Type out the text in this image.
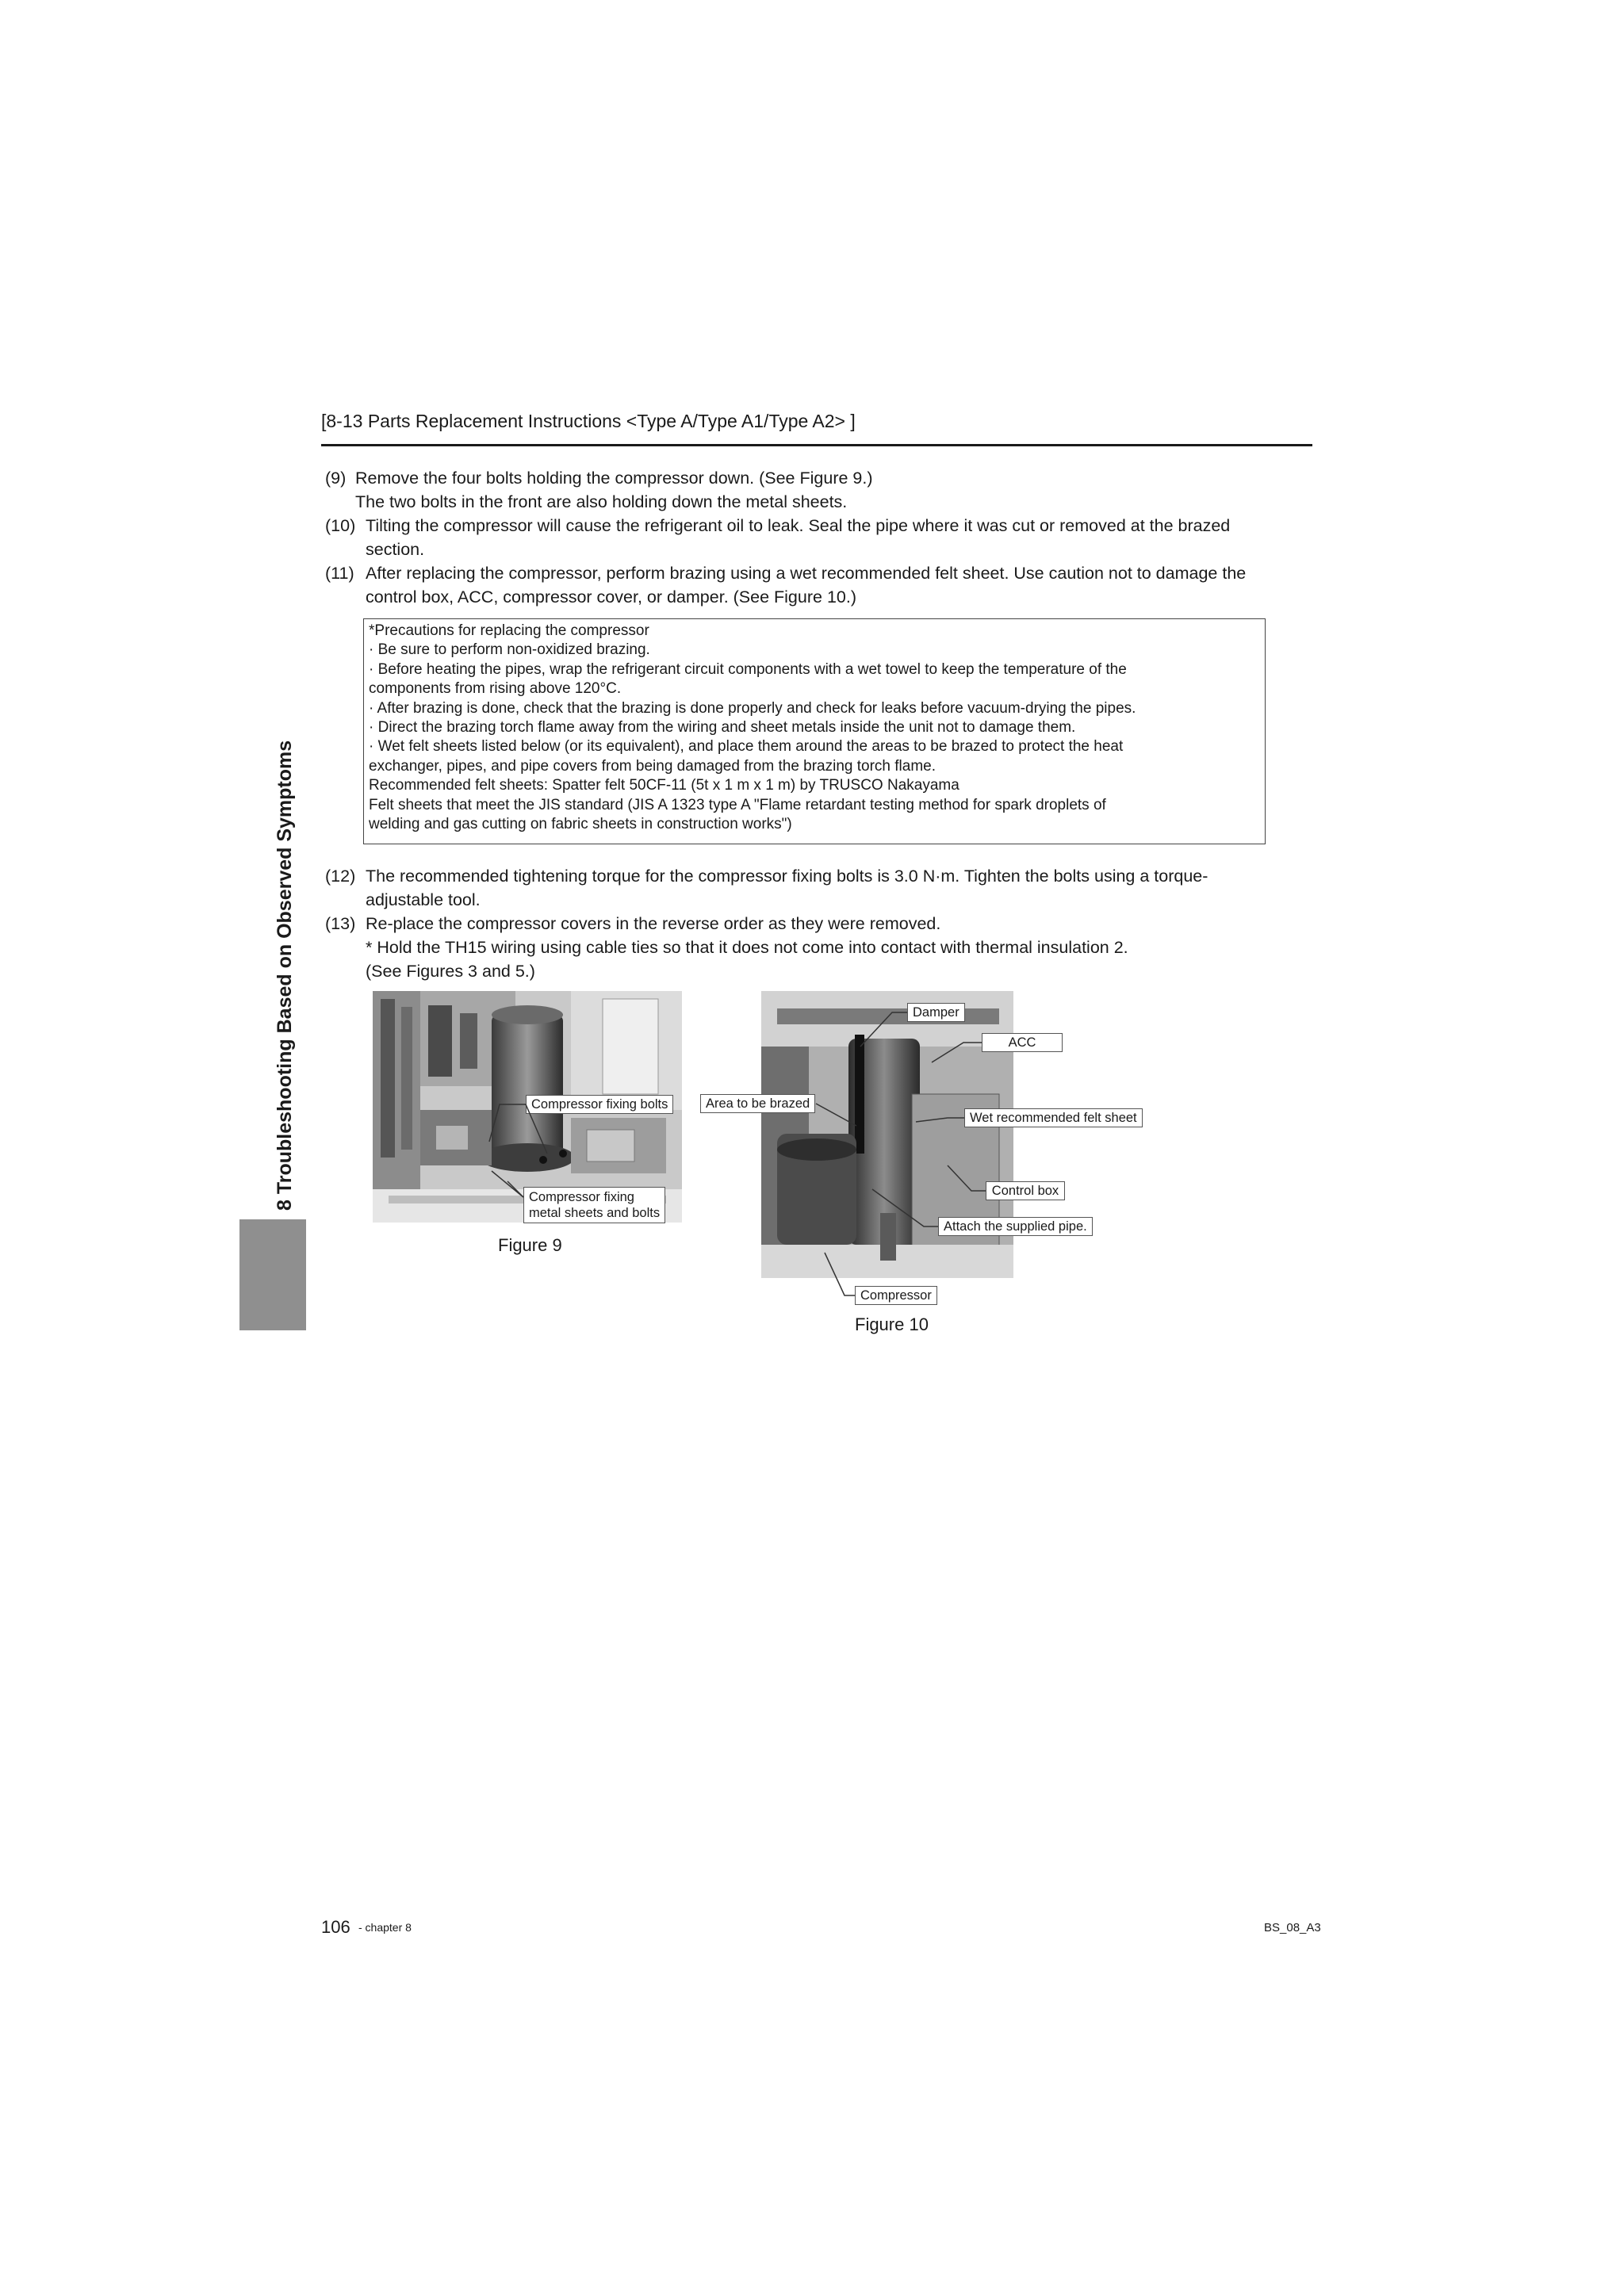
[8-13 Parts Replacement Instructions <Type A/Type A1/Type A2> ]
8 Troubleshooting Based on Observed Symptoms
(9) Remove the four bolts holding the compressor down. (See Figure 9.)
The two bolts in the front are also holding down the metal sheets.
(10) Tilting the compressor will cause the refrigerant oil to leak. Seal the pipe where it was cut or removed at the brazed
section.
(11) After replacing the compressor, perform brazing using a wet recommended felt sheet. Use caution not to damage the
control box, ACC, compressor cover, or damper. (See Figure 10.)
*Precautions for replacing the compressor
· Be sure to perform non-oxidized brazing.
· Before heating the pipes, wrap the refrigerant circuit components with a wet towel to keep the temperature of the
components from rising above 120°C.
· After brazing is done, check that the brazing is done properly and check for leaks before vacuum-drying the pipes.
· Direct the brazing torch flame away from the wiring and sheet metals inside the unit not to damage them.
· Wet felt sheets listed below (or its equivalent), and place them around the areas to be brazed to protect the heat
exchanger, pipes, and pipe covers from being damaged from the brazing torch flame.
Recommended felt sheets: Spatter felt 50CF-11 (5t x 1 m x 1 m) by TRUSCO Nakayama
Felt sheets that meet the JIS standard (JIS A 1323 type A "Flame retardant testing method for spark droplets of
welding and gas cutting on fabric sheets in construction works")
(12) The recommended tightening torque for the compressor fixing bolts is 3.0 N·m. Tighten the bolts using a torque-
adjustable tool.
(13) Re-place the compressor covers in the reverse order as they were removed.
* Hold the TH15 wiring using cable ties so that it does not come into contact with thermal insulation 2.
(See Figures 3 and 5.)
Compressor fixing bolts
Compressor fixing
metal sheets and bolts
Figure 9
Damper
ACC
Area to be brazed
Wet recommended felt sheet
Control box
Attach the supplied pipe.
Compressor
Figure 10
106 - chapter 8	BS_08_A3
